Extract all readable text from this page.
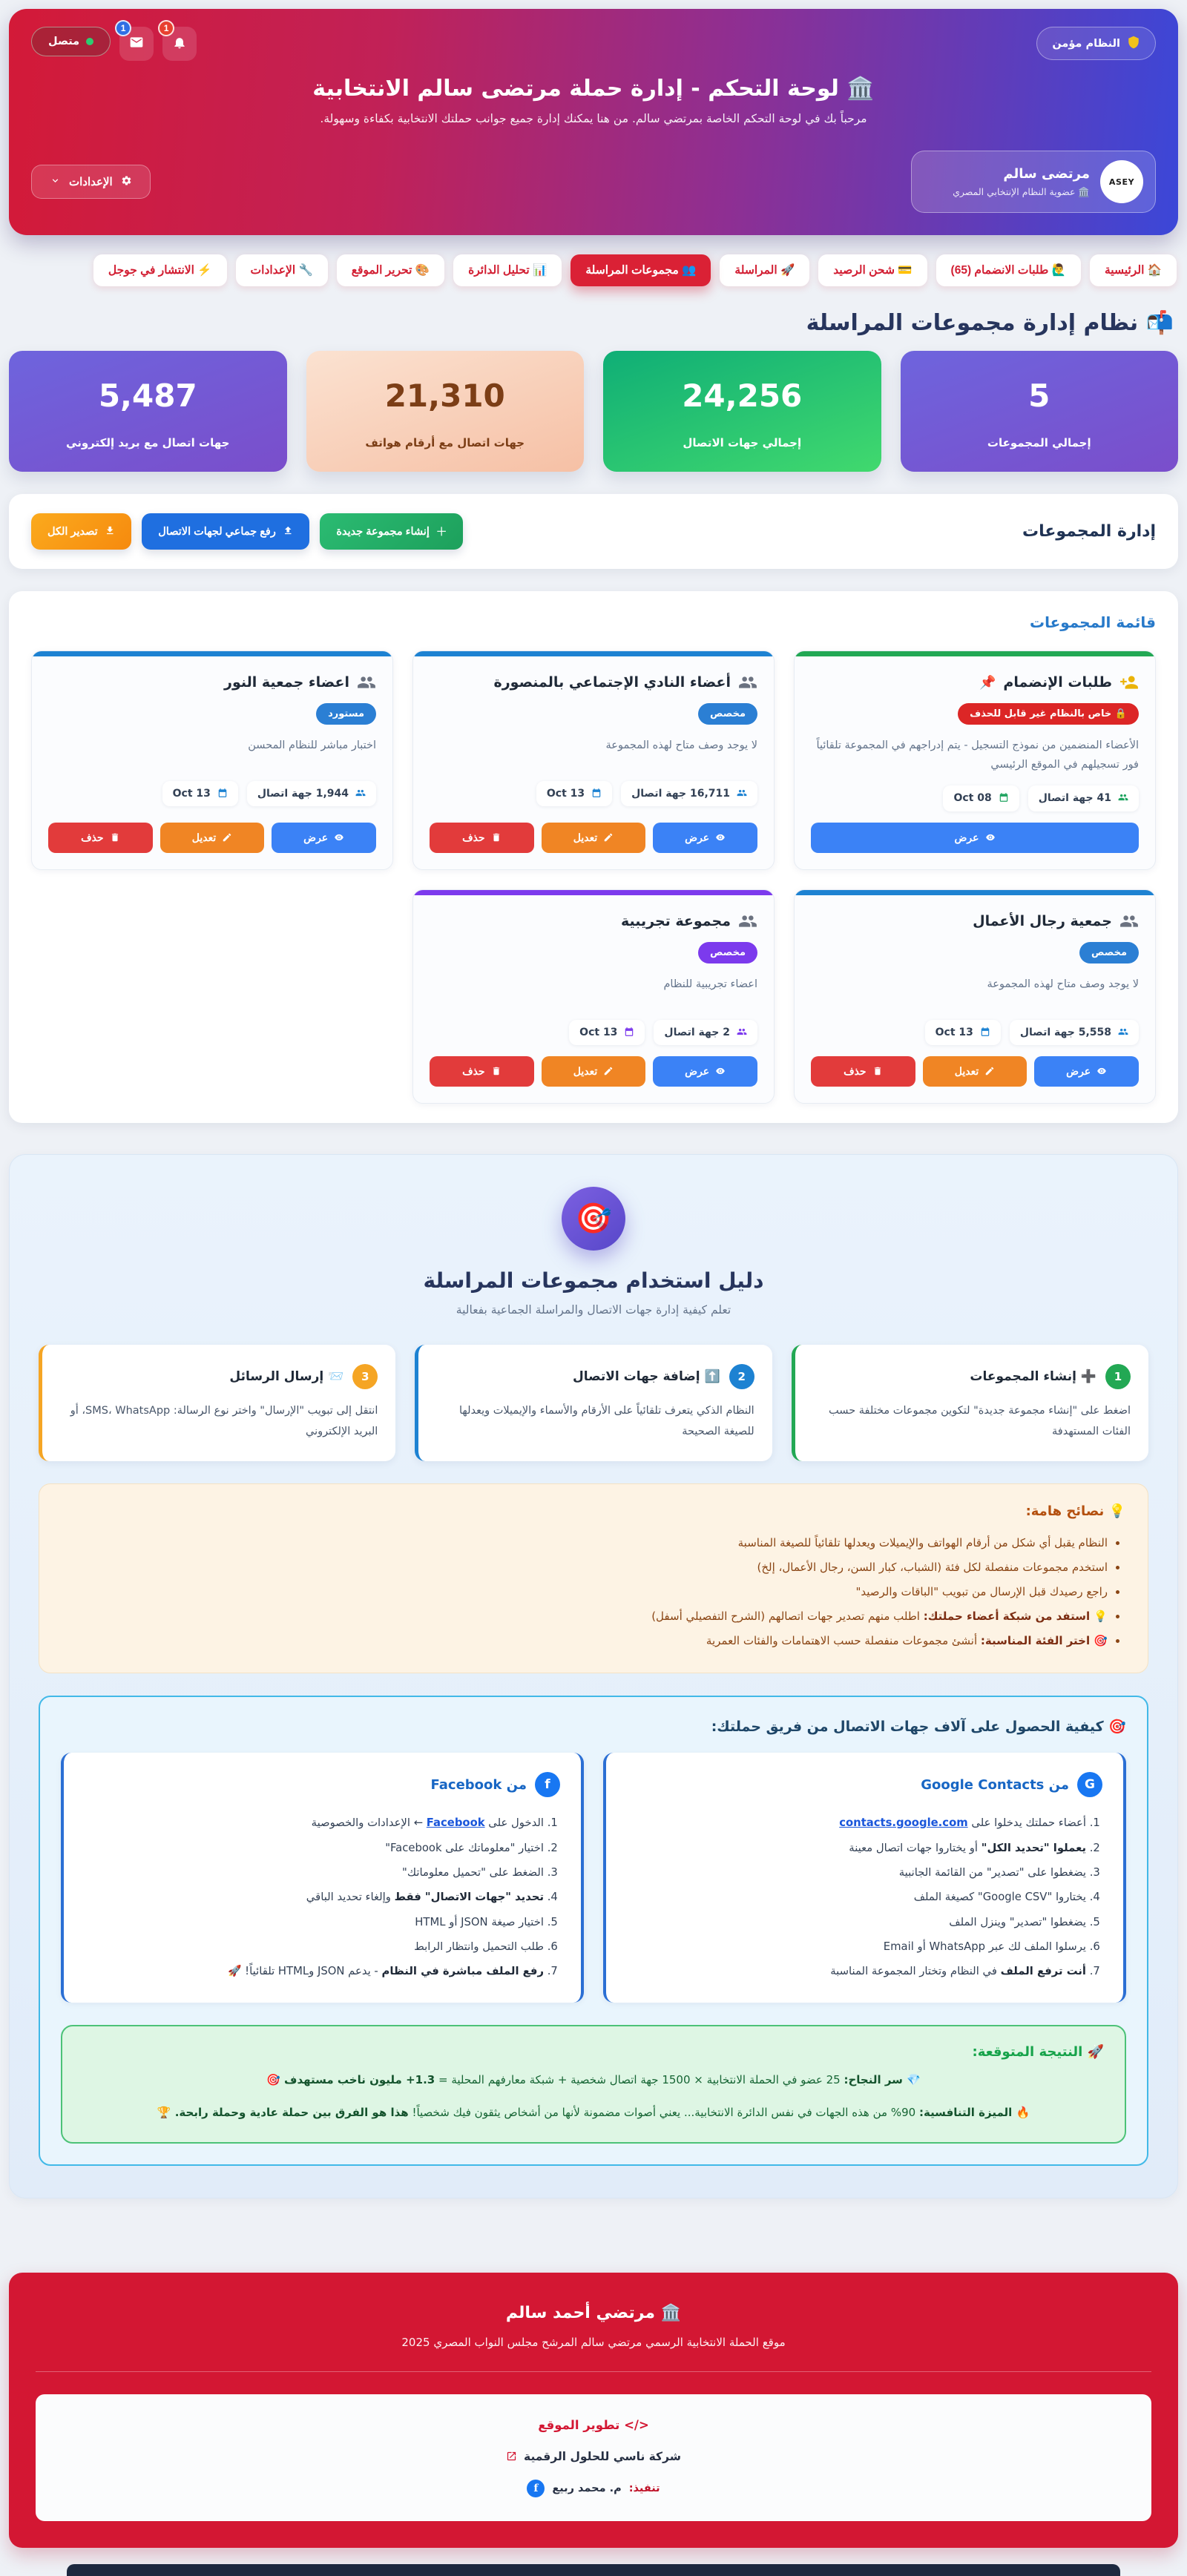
النظام مؤمن
1
1
متصل
🏛️ لوحة التحكم - إدارة حملة مرتضى سالم الانتخابية

مرحباً بك في لوحة التحكم الخاصة بمرتضي سالم. من هنا يمكنك إدارة جميع جوانب حملتك الانتخابية بكفاءة وسهولة.

ASEY
مرتضى سالم
🏛️ عضوية النظام الإنتخابي المصري
الإعدادات
🏠 الرئيسية
🙋‍♂️ طلبات الانضمام (65)
💳 شحن الرصيد
🚀 المراسلة
👥 مجموعات المراسلة
📊 تحليل الدائرة
🎨 تحرير الموقع
🔧 الإعدادات
⚡ الانتشار في جوجل
📬 نظام إدارة مجموعات المراسلة
5
إجمالي المجموعات
24,256
إجمالي جهات الاتصال
21,310
جهات اتصال مع أرقام هواتف
5,487
جهات اتصال مع بريد إلكتروني
إدارة المجموعات
＋
إنشاء مجموعة جديدة
رفع جماعي لجهات الاتصال
تصدير الكل
قائمة المجموعات
طلبات الإنضمام
📌
🔒 خاص بالنظام غير قابل للحذف

الأعضاء المنضمين من نموذج التسجيل - يتم إدراجهم في المجموعة تلقائياً فور تسجيلهم في الموقع الرئيسي

41 جهة اتصال
Oct 08
عرض
أعضاء النادي الإجتماعي بالمنصورة
مخصص

لا يوجد وصف متاح لهذه المجموعة

16,711 جهة اتصال
Oct 13
عرض
تعديل
حذف
اعضاء جمعية النور
مستورد

اختبار مباشر للنظام المحسن

1,944 جهة اتصال
Oct 13
عرض
تعديل
حذف
جمعية رجال الأعمال
مخصص

لا يوجد وصف متاح لهذه المجموعة

5,558 جهة اتصال
Oct 13
عرض
تعديل
حذف
مجموعة تجريبية
مخصص

اعضاء تجريبية للنظام

2 جهة اتصال
Oct 13
عرض
تعديل
حذف
🎯
دليل استخدام مجموعات المراسلة

تعلم كيفية إدارة جهات الاتصال والمراسلة الجماعية بفعالية

1
➕ إنشاء المجموعات

اضغط على "إنشاء مجموعة جديدة" لتكوين مجموعات مختلفة حسب الفئات المستهدفة

2
⬆️ إضافة جهات الاتصال

النظام الذكي يتعرف تلقائياً على الأرقام والأسماء والإيميلات ويعدلها للصيغة الصحيحة

3
📨 إرسال الرسائل

انتقل إلى تبويب "الإرسال" واختر نوع الرسالة: SMS، WhatsApp، أو البريد الإلكتروني

💡 نصائح هامة:
• النظام يقبل أي شكل من أرقام الهواتف والإيميلات ويعدلها تلقائياً للصيغة المناسبة
• استخدم مجموعات منفصلة لكل فئة (الشباب، كبار السن، رجال الأعمال، إلخ)
• راجع رصيدك قبل الإرسال من تبويب "الباقات والرصيد"
• 💡 استفد من شبكة أعضاء حملتك: اطلب منهم تصدير جهات اتصالهم (الشرح التفصيلي أسفل)
• 🎯 اختر الفئة المناسبة: أنشئ مجموعات منفصلة حسب الاهتمامات والفئات العمرية
🎯 كيفية الحصول على آلاف جهات الاتصال من فريق حملتك:
G
من Google Contacts
1. أعضاء حملتك يدخلوا على contacts.google.com
2. يعملوا "تحديد الكل" أو يختاروا جهات اتصال معينة
3. يضغطوا على "تصدير" من القائمة الجانبية
4. يختاروا "Google CSV" كصيغة الملف
5. يضغطوا "تصدير" وينزل الملف
6. يرسلوا الملف لك عبر WhatsApp أو Email
7. أنت ترفع الملف في النظام وتختار المجموعة المناسبة
f
من Facebook
1. الدخول على Facebook ← الإعدادات والخصوصية
2. اختيار "معلوماتك على Facebook"
3. الضغط على "تحميل معلوماتك"
4. تحديد "جهات الاتصال" فقط وإلغاء تحديد الباقي
5. اختيار صيغة JSON أو HTML
6. طلب التحميل وانتظار الرابط
7. رفع الملف مباشرة في النظام - يدعم JSON وHTML تلقائياً! 🚀
🚀 النتيجة المتوقعة:

💎 سر النجاح: 25 عضو في الحملة الانتخابية × 1500 جهة اتصال شخصية + شبكة معارفهم المحلية = 1.3+ مليون ناخب مستهدف 🎯

🔥 الميزة التنافسية: 90% من هذه الجهات في نفس الدائرة الانتخابية... يعني أصوات مضمونة لأنها من أشخاص يثقون فيك شخصياً! هذا هو الفرق بين حملة عادية وحملة رابحة. 🏆

🏛️ مرتضي أحمد سالم
موقع الحملة الانتخابية الرسمي مرتضي سالم المرشح مجلس النواب المصري 2025
</> تطوير الموقع
شركة ناسي للحلول الرقمية
تنفيذ:
م. محمد ربيع
f
